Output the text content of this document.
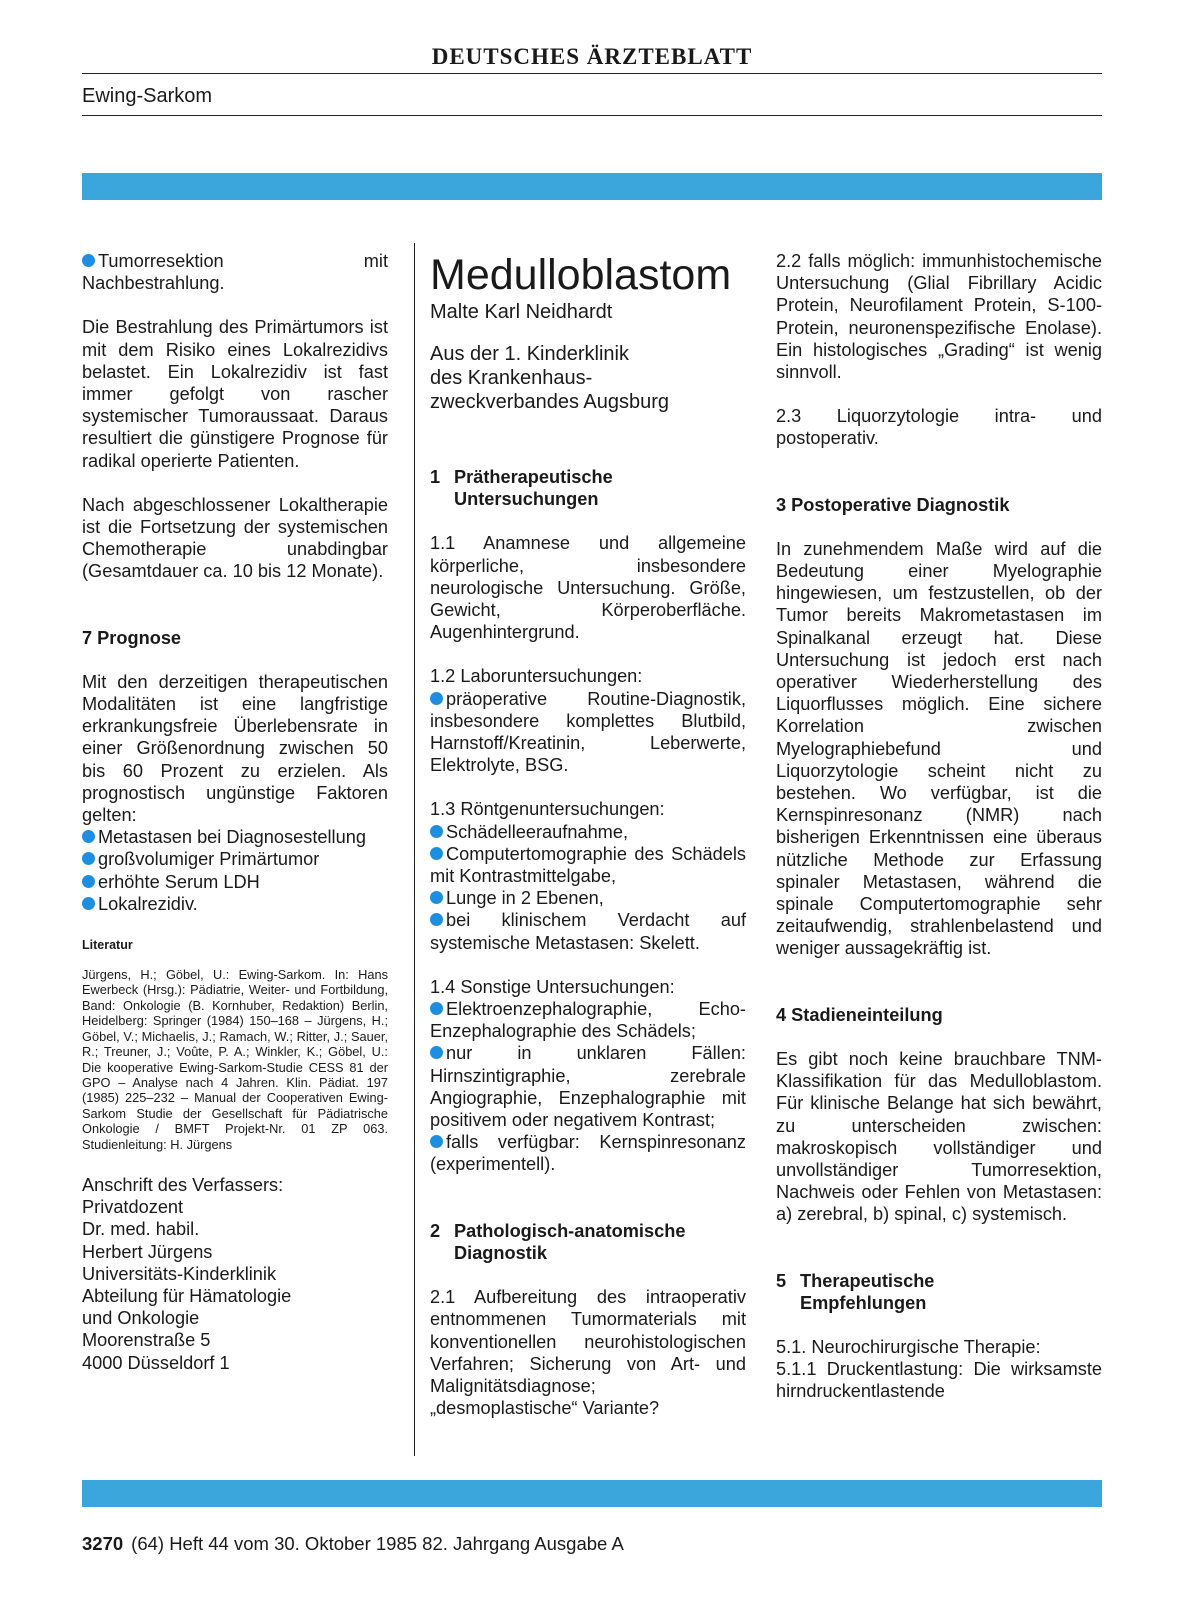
DEUTSCHES ÄRZTEBLATT
Ewing-Sarkom

Tumorresektion mit Nachbestrahlung.

Die Bestrahlung des Primärtumors ist mit dem Risiko eines Lokalrezidivs belastet. Ein Lokalrezidiv ist fast immer gefolgt von rascher systemischer Tumoraussaat. Daraus resultiert die günstigere Prognose für radikal operierte Patienten.

Nach abgeschlossener Lokaltherapie ist die Fortsetzung der systemischen Chemotherapie unabdingbar (Gesamtdauer ca. 10 bis 12 Monate).

7 Prognose

Mit den derzeitigen therapeutischen Modalitäten ist eine langfristige erkrankungsfreie Überlebensrate in einer Größenordnung zwischen 50 bis 60 Prozent zu erzielen. Als prognostisch ungünstige Faktoren gelten:

Metastasen bei Diagnosestellung

großvolumiger Primärtumor

erhöhte Serum LDH

Lokalrezidiv.

Literatur

Jürgens, H.; Göbel, U.: Ewing-Sarkom. In: Hans Ewerbeck (Hrsg.): Pädiatrie, Weiter- und Fortbildung, Band: Onkologie (B. Kornhuber, Redaktion) Berlin, Heidelberg: Springer (1984) 150–168 – Jürgens, H.; Göbel, V.; Michaelis, J.; Ramach, W.; Ritter, J.; Sauer, R.; Treuner, J.; Voûte, P. A.; Winkler, K.; Göbel, U.: Die kooperative Ewing-Sarkom-Studie CESS 81 der GPO – Analyse nach 4 Jahren. Klin. Pädiat. 197 (1985) 225–232 – Manual der Cooperativen Ewing-Sarkom Studie der Gesellschaft für Pädiatrische Onkologie / BMFT Projekt-Nr. 01 ZP 063. Studienleitung: H. Jürgens

Anschrift des Verfassers:
Privatdozent
Dr. med. habil.
Herbert Jürgens
Universitäts-Kinderklinik
Abteilung für Hämatologie
und Onkologie
Moorenstraße 5
4000 Düsseldorf 1

Medulloblastom

Malte Karl Neidhardt

Aus der 1. Kinderklinik
des Krankenhaus-
zweckverbandes Augsburg
1 Prätherapeutische
Untersuchungen

1.1 Anamnese und allgemeine körperliche, insbesondere neurologische Untersuchung. Größe, Gewicht, Körperoberfläche. Augenhintergrund.

1.2 Laboruntersuchungen:

präoperative Routine-Diagnostik, insbesondere komplettes Blutbild, Harnstoff/Kreatinin, Leberwerte, Elektrolyte, BSG.

1.3 Röntgenuntersuchungen:

Schädelleeraufnahme,

Computertomographie des Schädels mit Kontrastmittelgabe,

Lunge in 2 Ebenen,

bei klinischem Verdacht auf systemische Metastasen: Skelett.

1.4 Sonstige Untersuchungen:

Elektroenzephalographie, Echo-Enzephalographie des Schädels;

nur in unklaren Fällen: Hirnszintigraphie, zerebrale Angiographie, Enzephalographie mit positivem oder negativem Kontrast;

falls verfügbar: Kernspinresonanz (experimentell).

2 Pathologisch-anatomische
Diagnostik

2.1 Aufbereitung des intraoperativ entnommenen Tumormaterials mit konventionellen neurohistologischen Verfahren; Sicherung von Art- und Malignitätsdiagnose; „desmoplastische“ Variante?

2.2 falls möglich: immunhistochemische Untersuchung (Glial Fibrillary Acidic Protein, Neurofilament Protein, S-100-Protein, neuronenspezifische Enolase). Ein histologisches „Grading“ ist wenig sinnvoll.

2.3 Liquorzytologie intra- und postoperativ.

3 Postoperative Diagnostik

In zunehmendem Maße wird auf die Bedeutung einer Myelographie hingewiesen, um festzustellen, ob der Tumor bereits Makrometastasen im Spinalkanal erzeugt hat. Diese Untersuchung ist jedoch erst nach operativer Wiederherstellung des Liquorflusses möglich. Eine sichere Korrelation zwischen Myelographiebefund und Liquorzytologie scheint nicht zu bestehen. Wo verfügbar, ist die Kernspinresonanz (NMR) nach bisherigen Erkenntnissen eine überaus nützliche Methode zur Erfassung spinaler Metastasen, während die spinale Computertomographie sehr zeitaufwendig, strahlenbelastend und weniger aussagekräftig ist.

4 Stadieneinteilung

Es gibt noch keine brauchbare TNM-Klassifikation für das Medulloblastom. Für klinische Belange hat sich bewährt, zu unterscheiden zwischen: makroskopisch vollständiger und unvollständiger Tumorresektion, Nachweis oder Fehlen von Metastasen: a) zerebral, b) spinal, c) systemisch.

5 Therapeutische
Empfehlungen

5.1. Neurochirurgische Therapie:

5.1.1 Druckentlastung: Die wirksamste hirndruckentlastende

3270 (64) Heft 44 vom 30. Oktober 1985 82. Jahrgang Ausgabe A
